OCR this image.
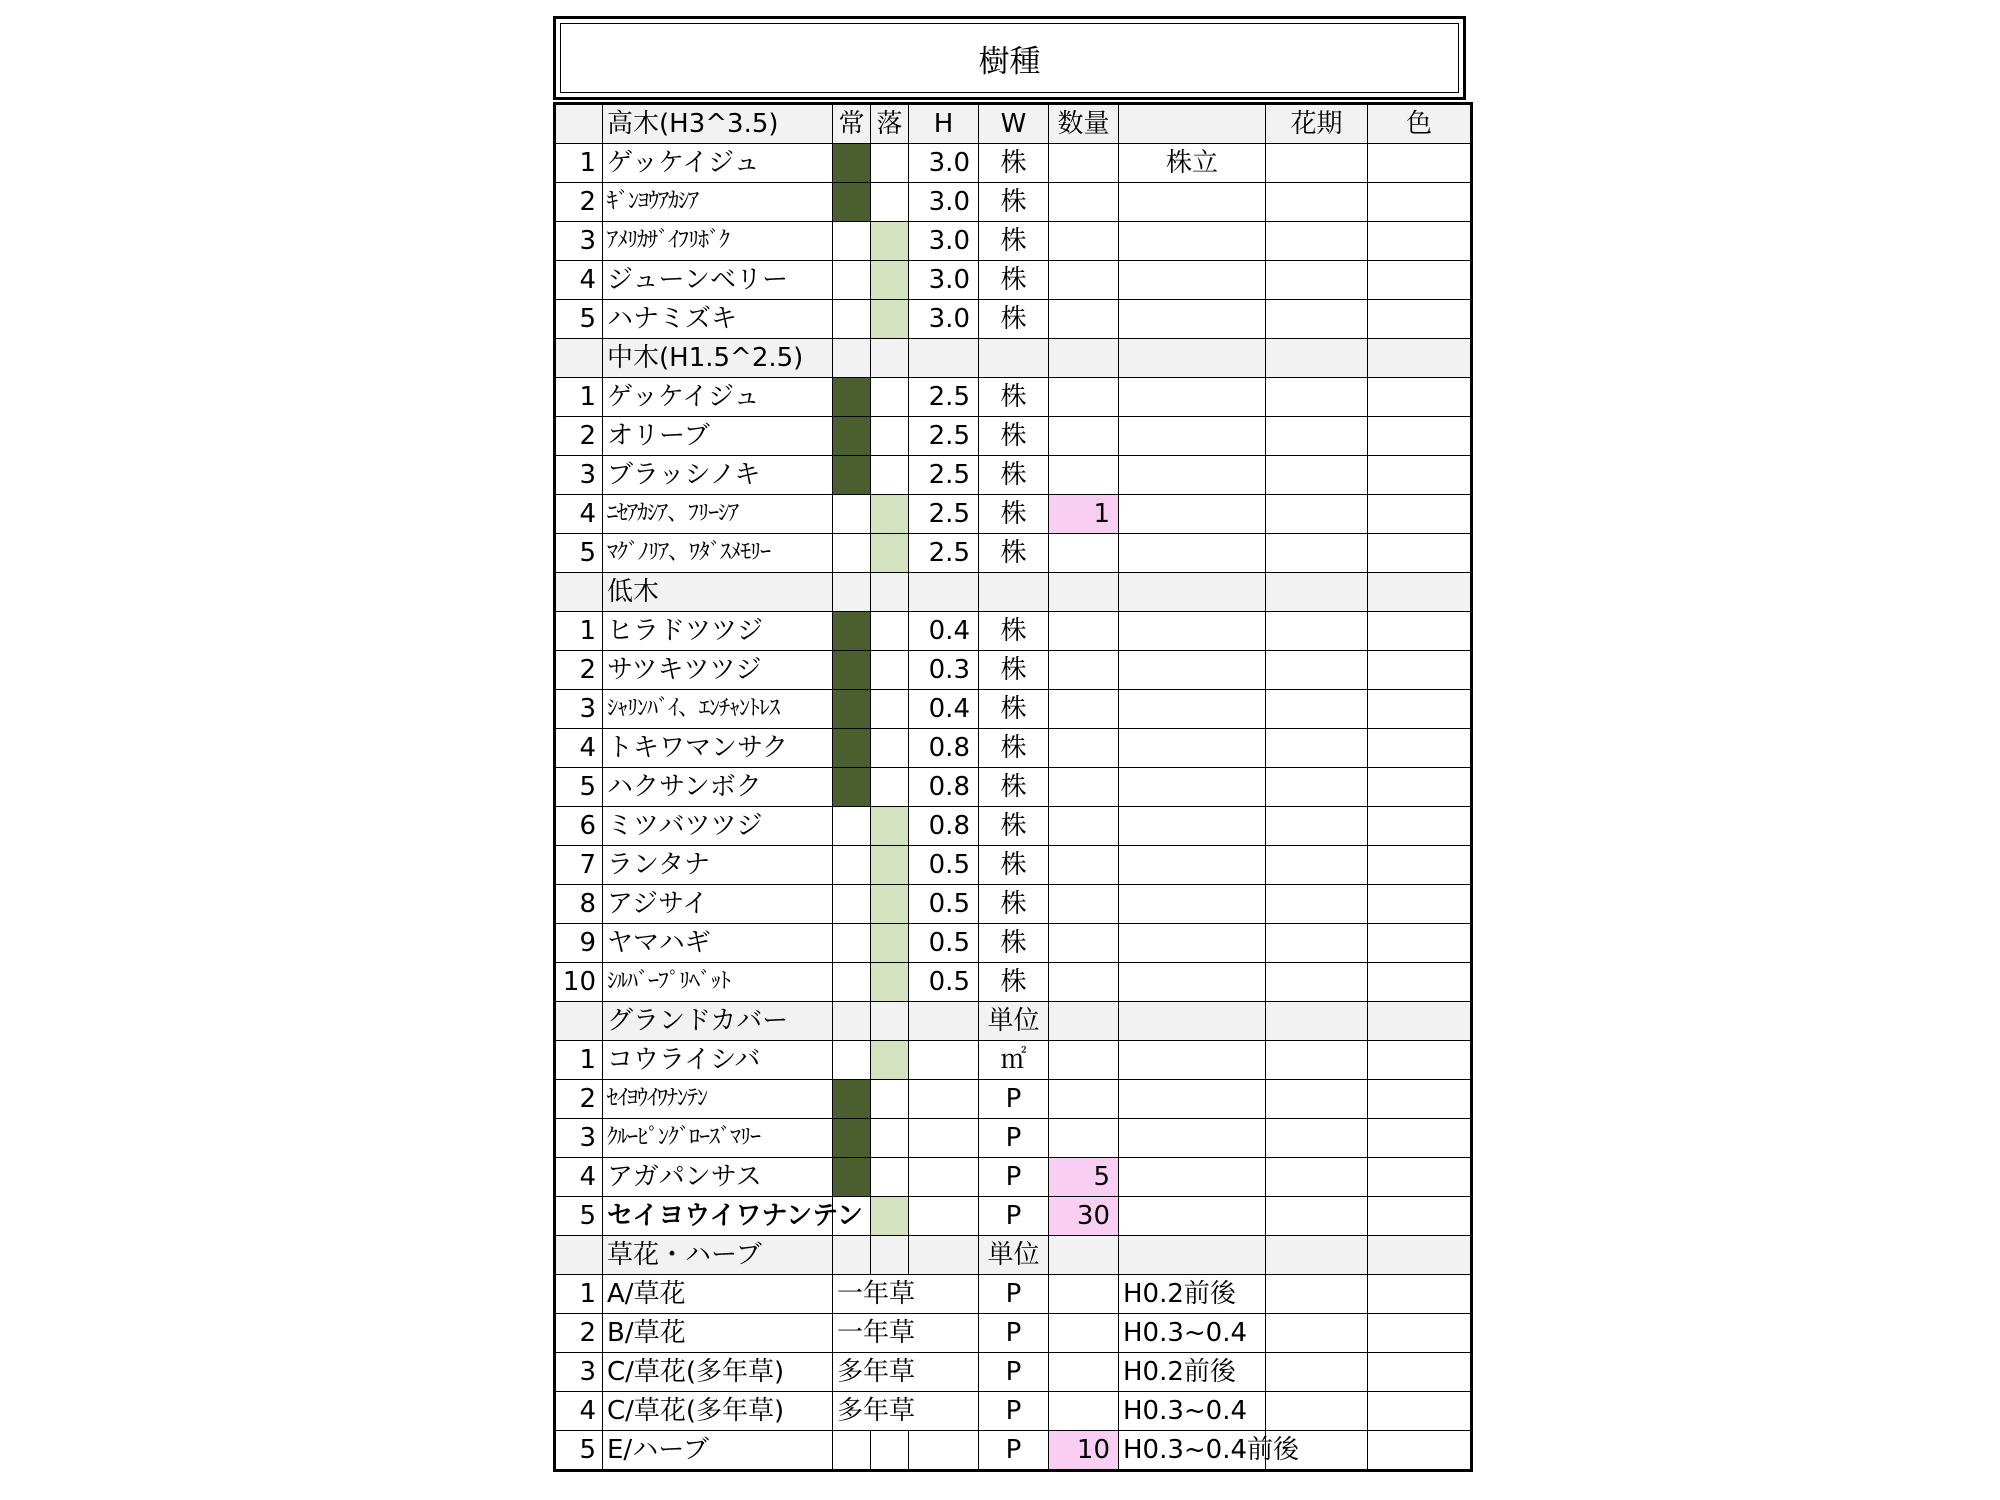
樹種
	高木(H3^3.5)	常	落	H	W	数量		花期	色
1	ゲッケイジュ			3.0	株		株立		
2	ｷﾞﾝﾖｳｱｶｼｱ			3.0	株				
3	ｱﾒﾘｶｻﾞｲﾌﾘﾎﾞｸ			3.0	株				
4	ジューンベリー			3.0	株				
5	ハナミズキ			3.0	株				
	中木(H1.5^2.5)								
1	ゲッケイジュ			2.5	株				
2	オリーブ			2.5	株				
3	ブラッシノキ			2.5	株				
4	ﾆｾｱｶｼｱ、ﾌﾘｰｼｱ			2.5	株	1			
5	ﾏｸﾞﾉﾘｱ、ﾜﾀﾞｽﾒﾓﾘｰ			2.5	株				
	低木								
1	ヒラドツツジ			0.4	株				
2	サツキツツジ			0.3	株				
3	ｼｬﾘﾝﾊﾞｲ、ｴﾝﾁｬﾝﾄﾚｽ			0.4	株				
4	トキワマンサク			0.8	株				
5	ハクサンボク			0.8	株				
6	ミツバツツジ			0.8	株				
7	ランタナ			0.5	株				
8	アジサイ			0.5	株				
9	ヤマハギ			0.5	株				
10	ｼﾙﾊﾞｰﾌﾟﾘﾍﾞｯﾄ			0.5	株				
	グランドカバー				単位				
1	コウライシバ				㎡				
2	ｾｲﾖｳｲﾜﾅﾝﾃﾝ				P				
3	ｸﾙｰﾋﾟﾝｸﾞﾛｰｽﾞﾏﾘｰ				P				
4	アガパンサス				P	5			
5	セイヨウイワナンテン				P	30			
	草花・ハーブ				単位				
1	A/草花	一年草			P		H0.2前後		
2	B/草花	一年草			P		H0.3~0.4		
3	C/草花(多年草)	多年草			P		H0.2前後		
4	C/草花(多年草)	多年草			P		H0.3~0.4		
5	E/ハーブ				P	10	H0.3~0.4前後		
